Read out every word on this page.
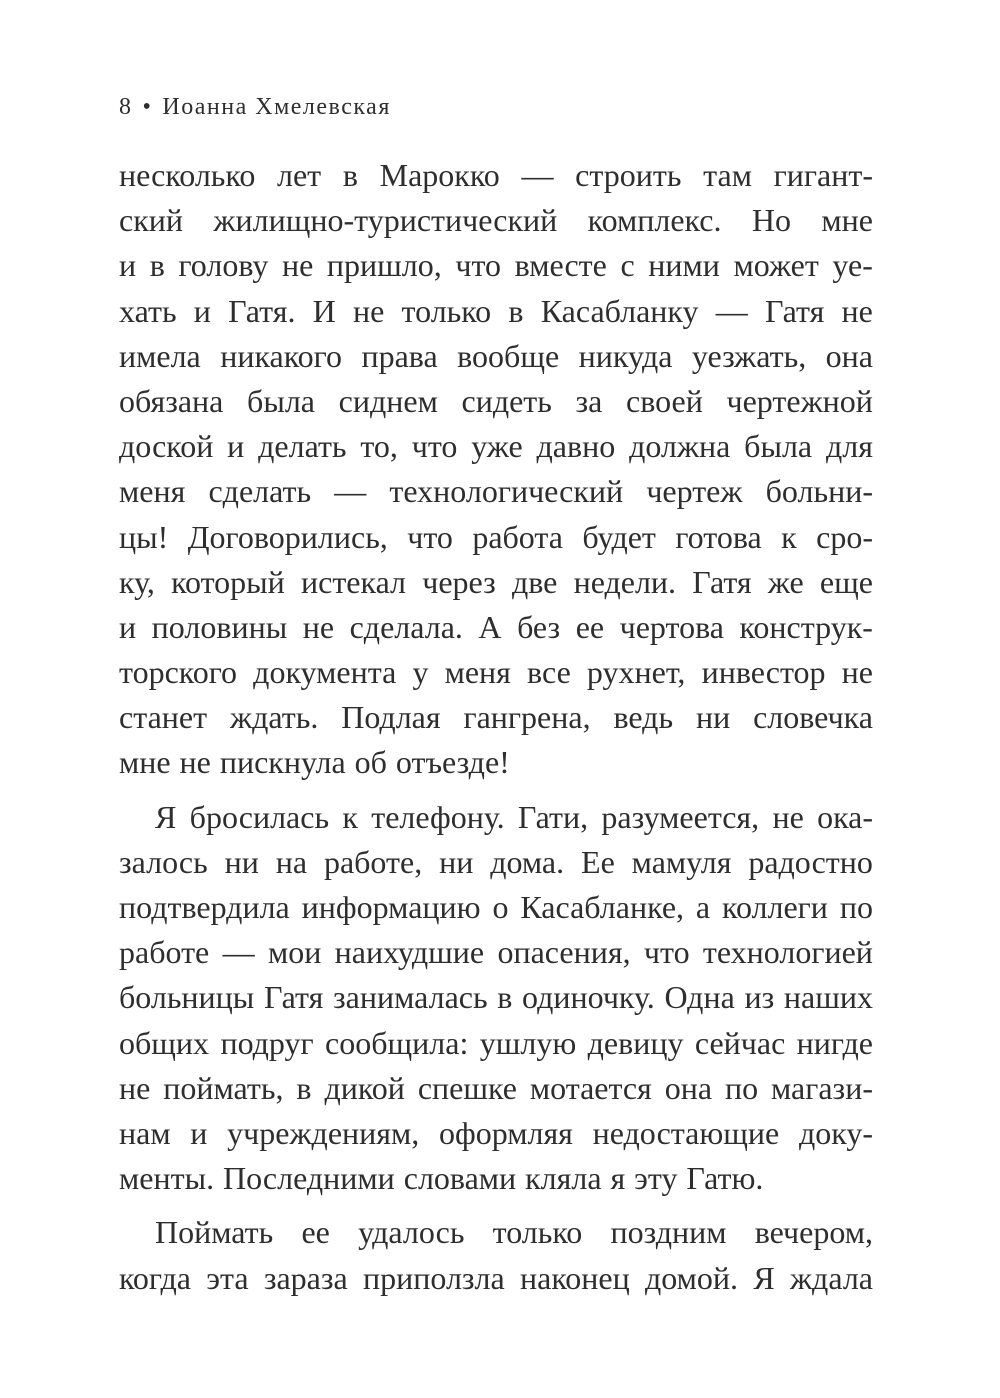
8 • Иоанна Хмелевская
несколько лет в Марокко — строить там гигант-
ский жилищно-туристический комплекс. Но мне
и в голову не пришло, что вместе с ними может уе-
хать и Гатя. И не только в Касабланку — Гатя не
имела никакого права вообще никуда уезжать, она
обязана была сиднем сидеть за своей чертежной
доской и делать то, что уже давно должна была для
меня сделать — технологический чертеж больни-
цы! Договорились, что работа будет готова к сро-
ку, который истекал через две недели. Гатя же еще
и половины не сделала. А без ее чертова конструк-
торского документа у меня все рухнет, инвестор не
станет ждать. Подлая гангрена, ведь ни словечка
мне не пискнула об отъезде!
Я бросилась к телефону. Гати, разумеется, не ока-
залось ни на работе, ни дома. Ее мамуля радостно
подтвердила информацию о Касабланке, а коллеги по
работе — мои наихудшие опасения, что технологией
больницы Гатя занималась в одиночку. Одна из наших
общих подруг сообщила: ушлую девицу сейчас нигде
не поймать, в дикой спешке мотается она по магази-
нам и учреждениям, оформляя недостающие доку-
менты. Последними словами кляла я эту Гатю.
Поймать ее удалось только поздним вечером,
когда эта зараза приползла наконец домой. Я ждала
